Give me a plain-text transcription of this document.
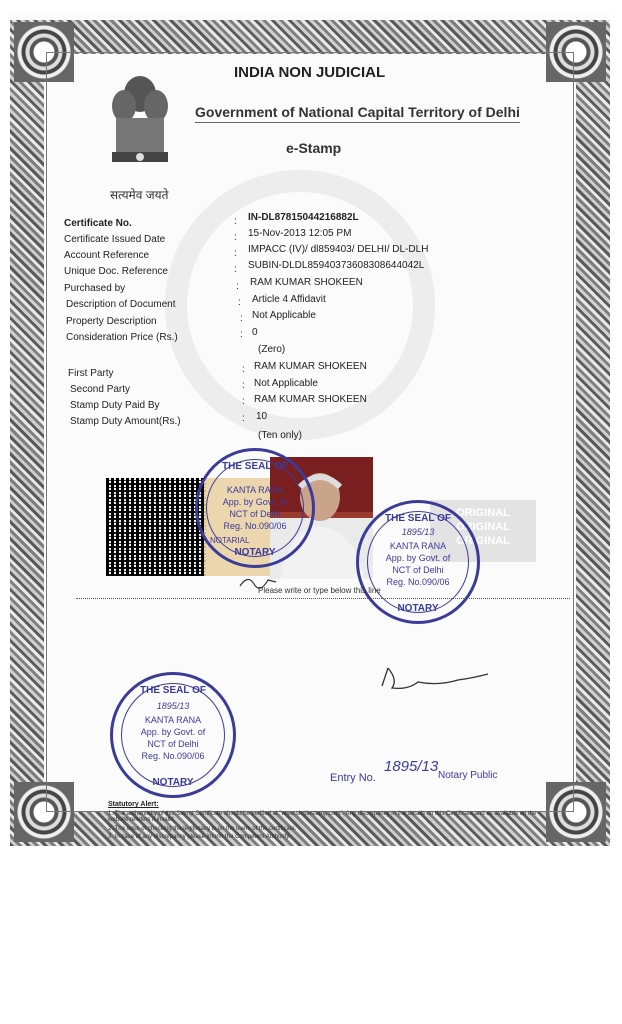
INDIA NON JUDICIAL
Government of National Capital Territory of Delhi
e-Stamp
सत्यमेव जयते
Certificate No.	: IN-DL87815044216882L
Certificate Issued Date	: 15-Nov-2013 12:05 PM
Account Reference	: IMPACC (IV)/ dl859403/ DELHI/ DL-DLH
Unique Doc. Reference	: SUBIN-DLDL85940373608308644042L
Purchased by	: RAM KUMAR SHOKEEN
Description of Document	: Article 4 Affidavit
Property Description	: Not Applicable
Consideration Price (Rs.)	: 0
(Zero)
First Party	: RAM KUMAR SHOKEEN
Second Party	: Not Applicable
Stamp Duty Paid By	: RAM KUMAR SHOKEEN
Stamp Duty Amount(Rs.)	: 10
(Ten only)
NOTARIAL
ORIGINAL
ORIGINAL
ORIGINAL
THE SEAL OF
KANTA RANA
App. by Govt. of
NCT of Delhi
Reg. No.090/06
NOTARY
THE SEAL OF
1895/13
KANTA RANA
App. by Govt. of
NCT of Delhi
Reg. No.090/06
NOTARY
Please write or type below this line
THE SEAL OF
1895/13
KANTA RANA
App. by Govt. of
NCT of Delhi
Reg. No.090/06
NOTARY	Entry No.
1895/13
Notary Public
Statutory Alert:
1. The authenticity of this Stamp Certificate should be verified at "www.shcilestamp.com". Any discrepancy in the details on this Certificate and as available on the website renders it invalid.
2. The onus of checking the legitimacy is on the users of the certificate.
3. In case of any discrepancy please inform the Competent Authority.
